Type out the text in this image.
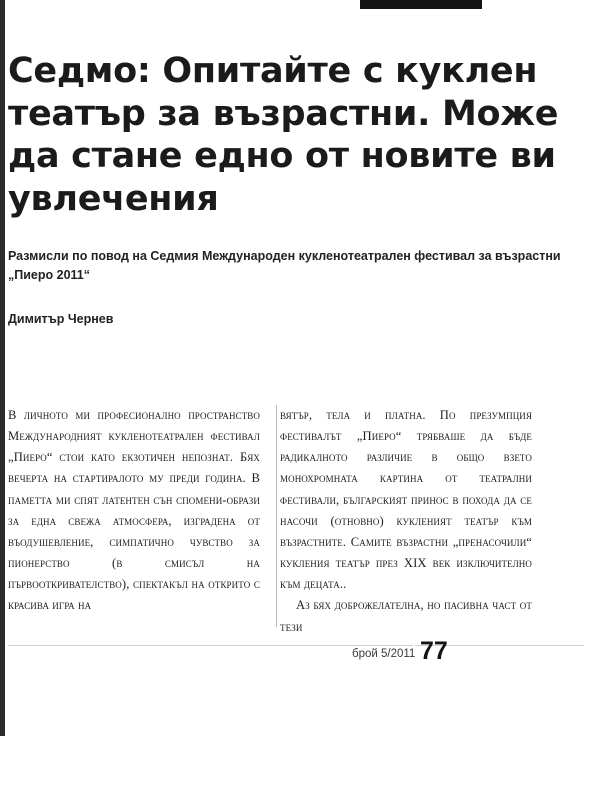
Седмо: Опитайте с куклен театър за възрастни. Може да стане едно от новите ви увлечения
Размисли по повод на Седмия Международен кукленотеатрален фестивал за възрастни „Пиеро 2011“
Димитър Чернев

В личното ми професионално пространство Международният кукленотеатрален фестивал „Пиеро“ стои като екзотичен непознат. Бях вечерта на стартиралото му преди година. В паметта ми спят латентен сън спомени-образи за една свежа атмосфера, изградена от въодушевление, симпатично чувство за пионерство (в смисъл на първооткривателство), спектакъл на открито с красива игра на

вятър, тела и платна. По презумпция фестивалът „Пиеро“ трябваше да бъде радикалното различие в общо взето монохромната картина от театрални фестивали, българският принос в похода да се насочи (отновно) кукленият театър към възрастните. Самите възрастни „пренасочили“ кукления театър през XIX век изключително към децата..

Аз бях доброжелателна, но пасивна част от тези

брой 5/2011 77
